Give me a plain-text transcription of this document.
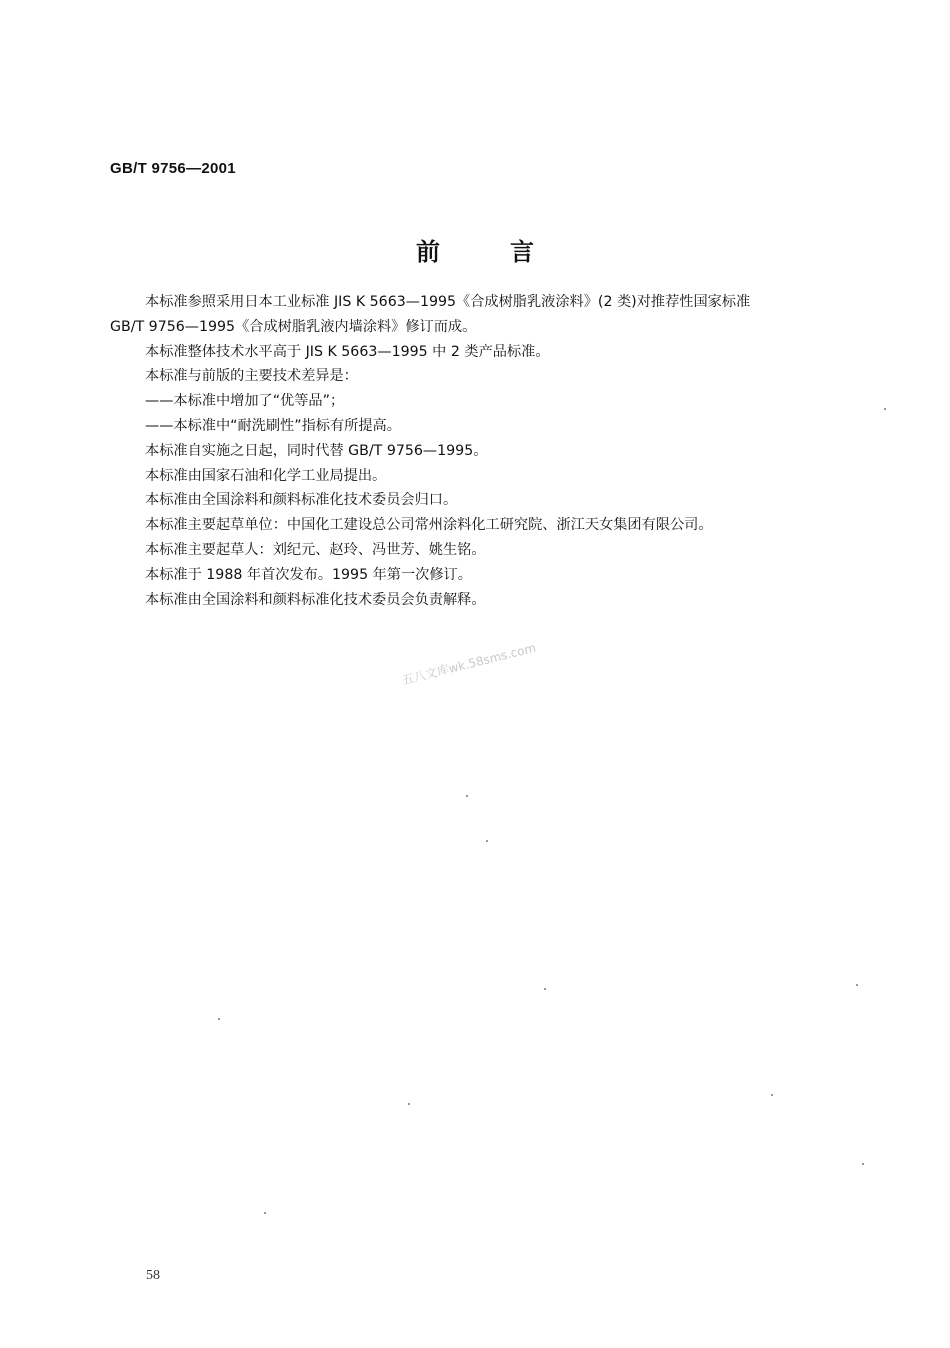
GB/T 9756—2001
前言

本标准参照采用日本工业标准 JIS K 5663—1995《合成树脂乳液涂料》(2 类)对推荐性国家标准

GB/T 9756—1995《合成树脂乳液内墙涂料》修订而成。

本标准整体技术水平高于 JIS K 5663—1995 中 2 类产品标准。

本标准与前版的主要技术差异是：

——本标准中增加了“优等品”；

——本标准中“耐洗刷性”指标有所提高。

本标准自实施之日起，同时代替 GB/T 9756—1995。

本标准由国家石油和化学工业局提出。

本标准由全国涂料和颜料标准化技术委员会归口。

本标准主要起草单位：中国化工建设总公司常州涂料化工研究院、浙江天女集团有限公司。

本标准主要起草人：刘纪元、赵玲、冯世芳、姚生铭。

本标准于 1988 年首次发布。1995 年第一次修订。

本标准由全国涂料和颜料标准化技术委员会负责解释。

五八文库wk.58sms.com
58
